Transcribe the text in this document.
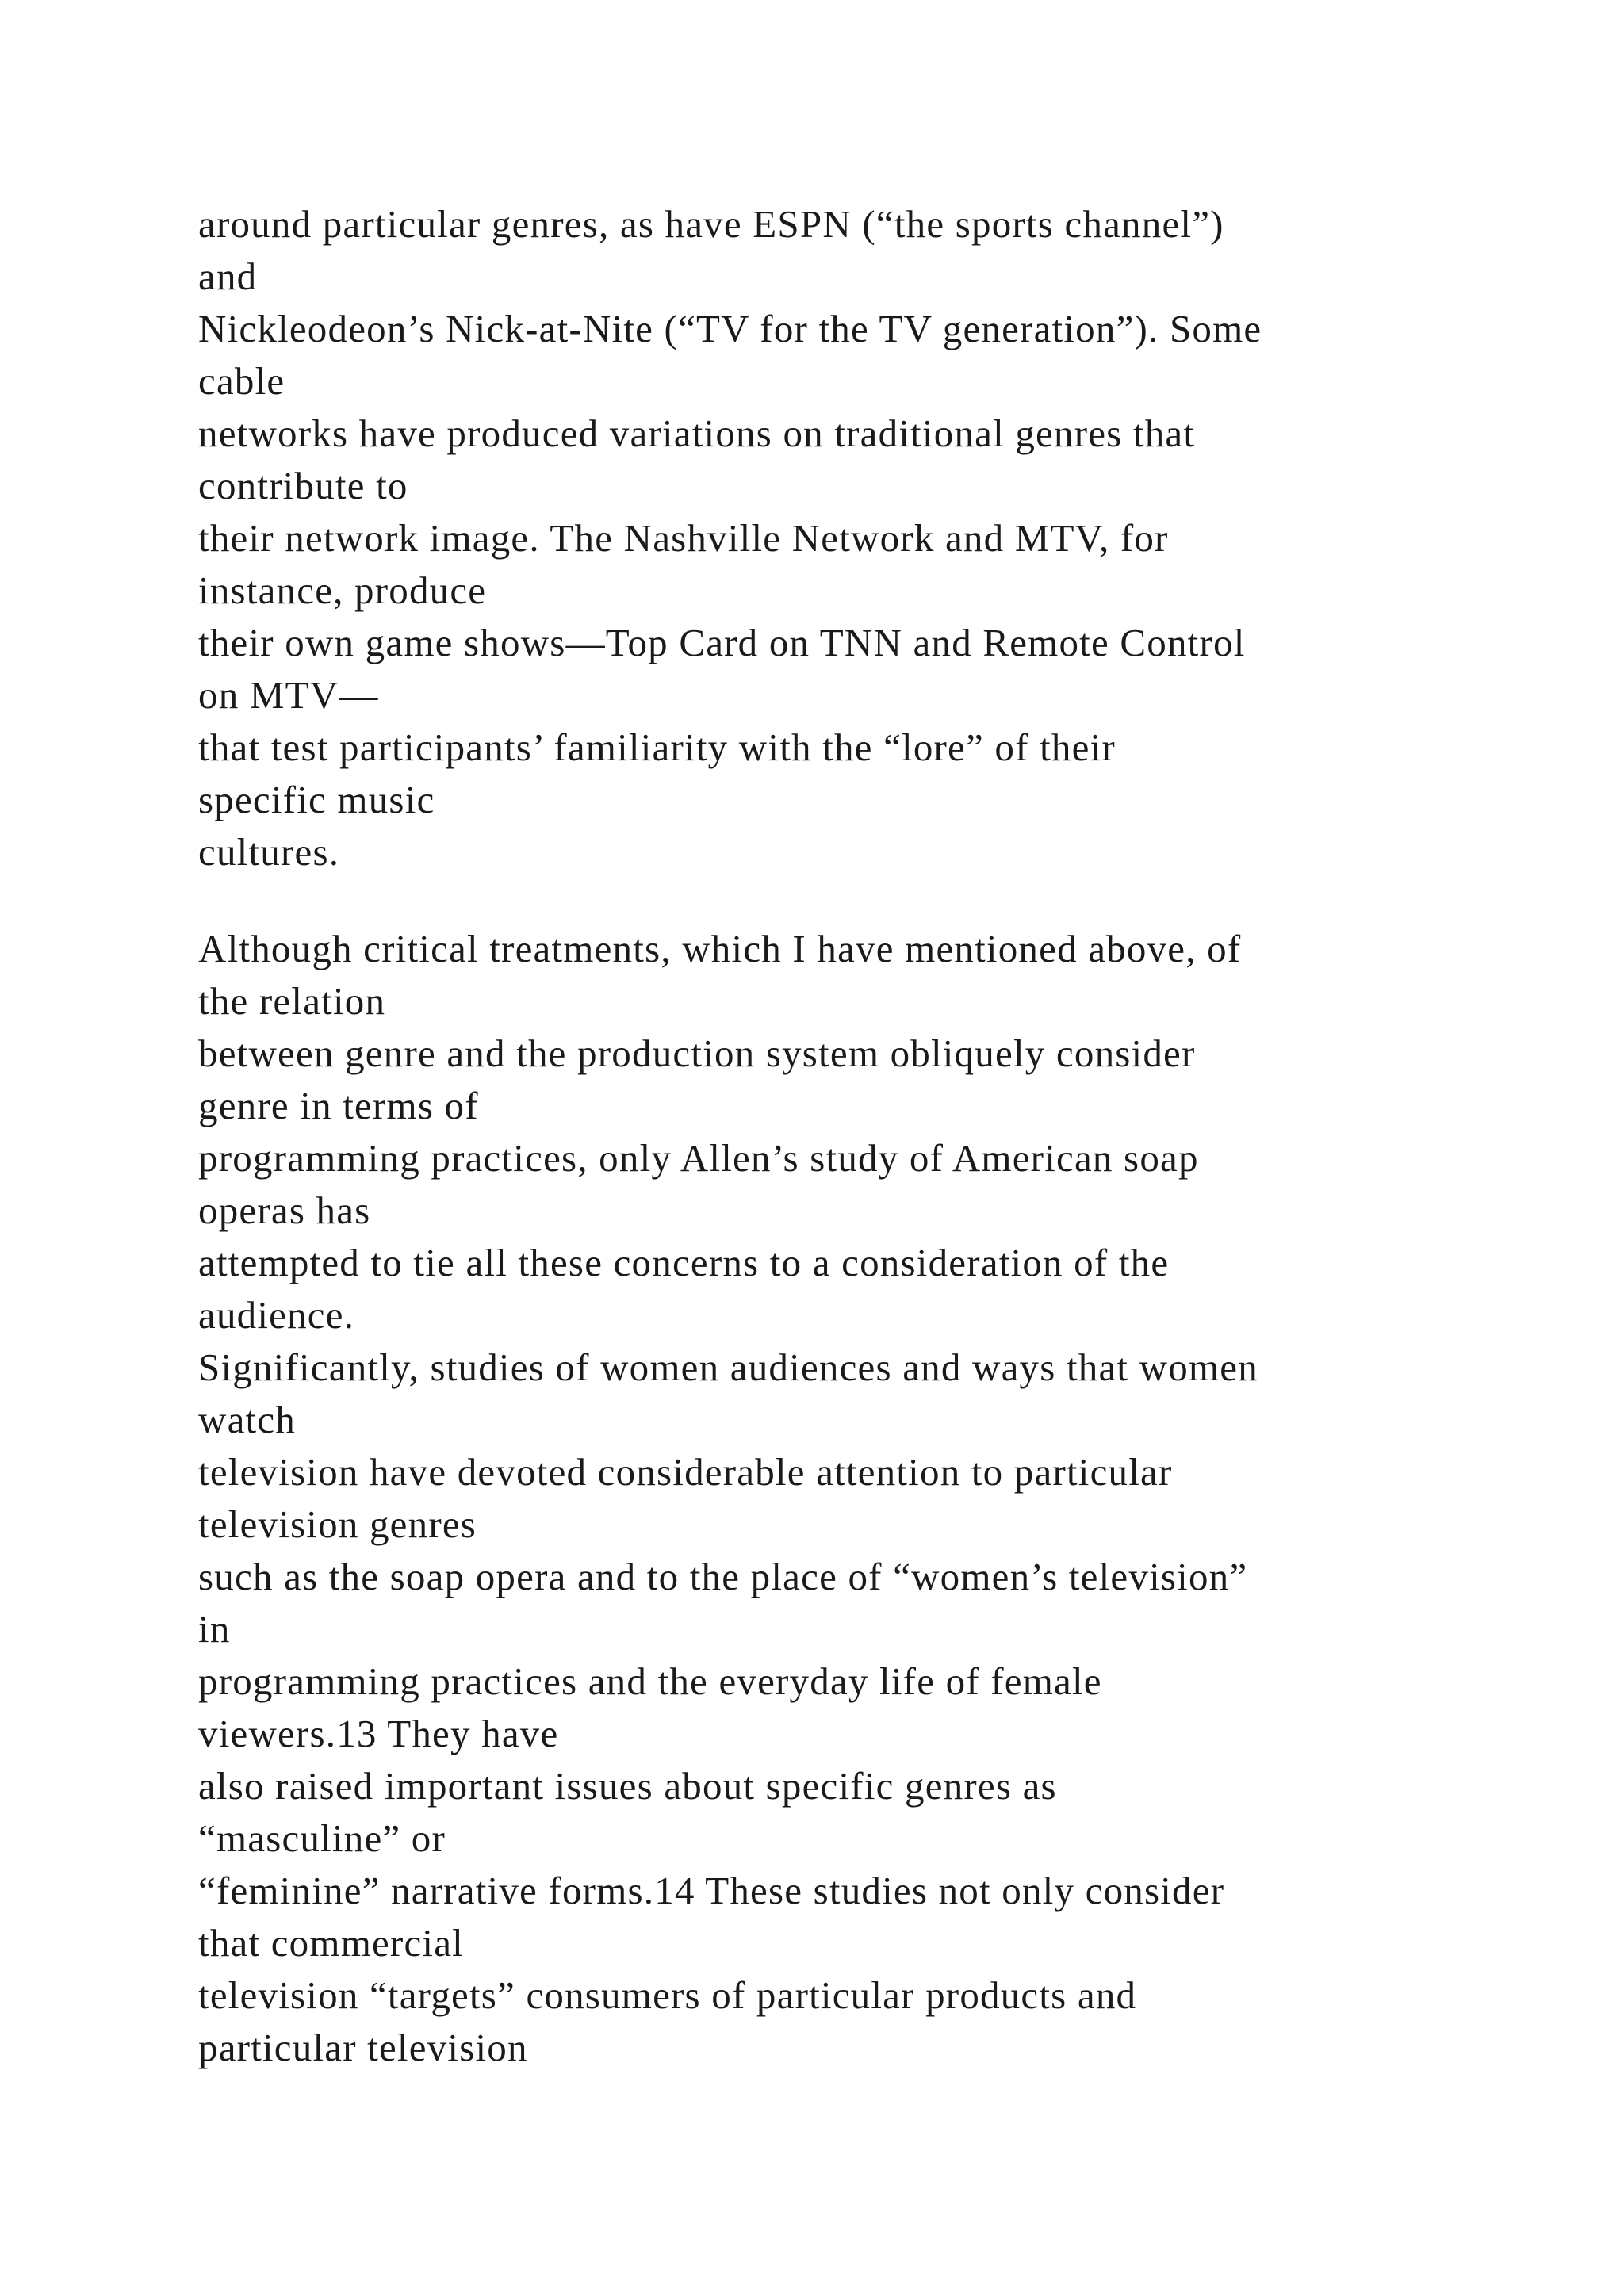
around particular genres, as have ESPN (“the sports channel”)
and
Nickleodeon’s Nick-at-Nite (“TV for the TV generation”). Some
cable
networks have produced variations on traditional genres that
contribute to
their network image. The Nashville Network and MTV, for
instance, produce
their own game shows—Top Card on TNN and Remote Control
on MTV—
that test participants’ familiarity with the “lore” of their
specific music
cultures.
Although critical treatments, which I have mentioned above, of
the relation
between genre and the production system obliquely consider
genre in terms of
programming practices, only Allen’s study of American soap
operas has
attempted to tie all these concerns to a consideration of the
audience.
Significantly, studies of women audiences and ways that women
watch
television have devoted considerable attention to particular
television genres
such as the soap opera and to the place of “women’s television”
in
programming practices and the everyday life of female
viewers.13 They have
also raised important issues about specific genres as
“masculine” or
“feminine” narrative forms.14 These studies not only consider
that commercial
television “targets” consumers of particular products and
particular television
